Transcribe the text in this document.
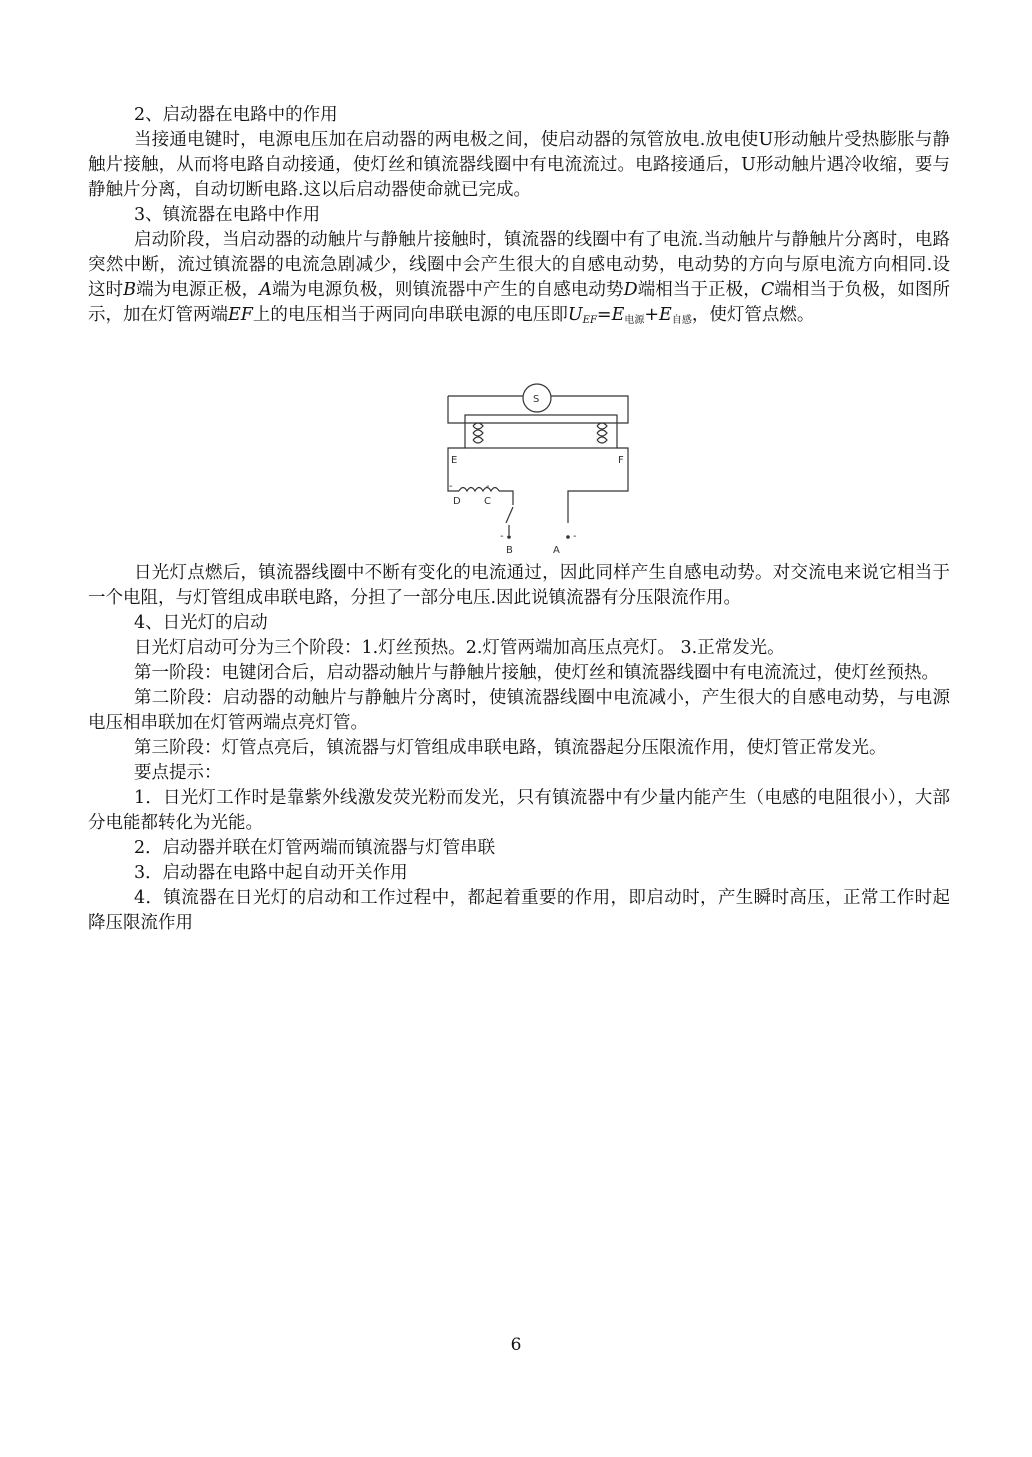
2、启动器在电路中的作用

当接通电键时，电源电压加在启动器的两电极之间，使启动器的氖管放电.放电使U形动触片受热膨胀与静触片接触，从而将电路自动接通，使灯丝和镇流器线圈中有电流流过。电路接通后，U形动触片遇冷收缩，要与静触片分离，自动切断电路.这以后启动器使命就已完成。

3、镇流器在电路中作用

启动阶段，当启动器的动触片与静触片接触时，镇流器的线圈中有了电流.当动触片与静触片分离时，电路突然中断，流过镇流器的电流急剧减少，线圈中会产生很大的自感电动势，电动势的方向与原电流方向相同.设这时B端为电源正极，A端为电源负极，则镇流器中产生的自感电动势D端相当于正极，C端相当于负极，如图所示，加在灯管两端EF上的电压相当于两同向串联电源的电压即$U_{EF}=E_{电源}+E_{自感}$，使灯管点燃。

S
E	F
-	-
D C
-	-
B	A

日光灯点燃后，镇流器线圈中不断有变化的电流通过，因此同样产生自感电动势。对交流电来说它相当于一个电阻，与灯管组成串联电路，分担了一部分电压.因此说镇流器有分压限流作用。

4、日光灯的启动

日光灯启动可分为三个阶段：1.灯丝预热。2.灯管两端加高压点亮灯。 3.正常发光。

第一阶段：电键闭合后，启动器动触片与静触片接触，使灯丝和镇流器线圈中有电流流过，使灯丝预热。

第二阶段：启动器的动触片与静触片分离时，使镇流器线圈中电流减小，产生很大的自感电动势，与电源电压相串联加在灯管两端点亮灯管。

第三阶段：灯管点亮后，镇流器与灯管组成串联电路，镇流器起分压限流作用，使灯管正常发光。

要点提示：

1．日光灯工作时是靠紫外线激发荧光粉而发光，只有镇流器中有少量内能产生（电感的电阻很小），大部分电能都转化为光能。

2．启动器并联在灯管两端而镇流器与灯管串联

3．启动器在电路中起自动开关作用

4．镇流器在日光灯的启动和工作过程中，都起着重要的作用，即启动时，产生瞬时高压，正常工作时起降压限流作用

6
